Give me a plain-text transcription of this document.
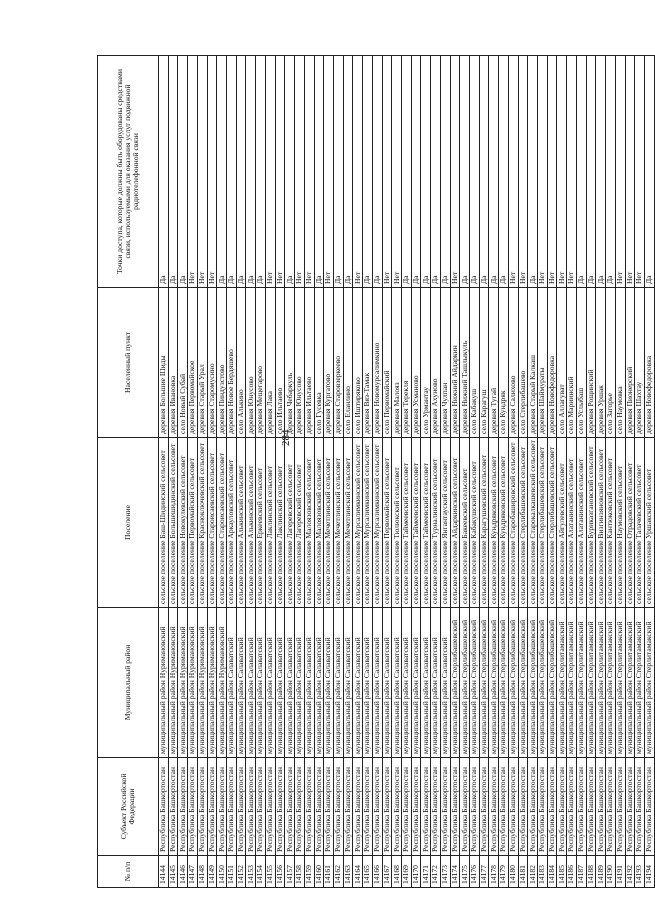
284
№ п/п	Субъект Российской Федерации	Муниципальный район	Поселение	Населенный пункт	Точки доступа, которые должны быть оборудованы средствами связи, используемыми для оказания услуг подвижной радиотелефонной связи
14144	Республика Башкортостан	муниципальный район Нуримановский	сельское поселение Баш-Шидинский сельсовет	деревня Большие Шиды	Да
14145	Республика Башкортостан	муниципальный район Нуримановский	сельское поселение Большешидинский сельсовет	деревня Ивановка	Да
14146	Республика Башкортостан	муниципальный район Нуримановский	сельское поселение Новокулевский сельсовет	село Новый Субай	Да
14147	Республика Башкортостан	муниципальный район Нуримановский	сельское поселение Первомайский сельсовет	деревня Первомайское	Нет
14148	Республика Башкортостан	муниципальный район Нуримановский	сельское поселение Красноключевский сельсовет	деревня Старый Урал	Нет
14149	Республика Башкортостан	муниципальный район Нуримановский	сельское поселение Староисаевский сельсовет	деревня Старомусино	Нет
14150	Республика Башкортостан	муниципальный район Нуримановский	сельское поселение Староисаевский сельсовет	деревня Пиндузстово	Да
14151	Республика Башкортостан	муниципальный район Салаватский	сельское поселение Аркауловский сельсовет	деревня Новое Бердяшево	Да
14152	Республика Башкортостан	муниципальный район Салаватский	сельское поселение Алькинский сельсовет	село Алькино	Да
14153	Республика Башкортостан	муниципальный район Салаватский	сельское поселение Алькинский сельсовет	деревня Юнусово	Да
14154	Республика Башкортостан	муниципальный район Салаватский	сельское поселение Еркеевский сельсовет	деревня Мещегарово	Да
14155	Республика Башкортостан	муниципальный район Салаватский	сельское поселение Лаклинский сельсовет	деревня Лака	Нет
14156	Республика Башкортостан	муниципальный район Салаватский	сельское поселение Лаклинский сельсовет	село Ильтаево	Нет
14157	Республика Башкортостан	муниципальный район Салаватский	сельское поселение Лагеревский сельсовет	деревня Чебаркуль	Да
14158	Республика Башкортостан	муниципальный район Салаватский	сельское поселение Лагеревский сельсовет	деревня Юнусово	Нет
14159	Республика Башкортостан	муниципальный район Салаватский	сельское поселение Малоязовский сельсовет	деревня Ильтаево	Нет
14160	Республика Башкортостан	муниципальный район Салаватский	сельское поселение Малоязовский сельсовет	село Гусевка	Да
14161	Республика Башкортостан	муниципальный район Салаватский	сельское поселение Мечетлинский сельсовет	деревня Кургатово	Нет
14162	Республика Башкортостан	муниципальный район Салаватский	сельское поселение Мечетлинский сельсовет	деревня Старовзеркеево	Да
14163	Республика Башкортостан	муниципальный район Салаватский	сельское поселение Мечетлинский сельсовет	село Еланлино	Да
14164	Республика Башкортостан	муниципальный район Салаватский	сельское поселение Мурсалимкинский сельсовет	село Иштиряково	Нет
14165	Республика Башкортостан	муниципальный район Салаватский	сельское поселение Мурсалимкинский сельсовет	деревня Вяз-Тамак	Да
14166	Республика Башкортостан	муниципальный район Салаватский	сельское поселение Мурсалимкинский сельсовет	деревня Новомурсалимкино	Да
14167	Республика Башкортостан	муниципальный район Салаватский	сельское поселение Первомайский сельсовет	село Первомайский	Нет
14168	Республика Башкортостан	муниципальный район Салаватский	сельское поселение Тюлюкский сельсовет	деревня Малояз	Нет
14169	Республика Башкортостан	муниципальный район Салаватский	сельское поселение Таймеевский сельсовет	деревня Терекля	Да
14170	Республика Башкортостан	муниципальный район Салаватский	сельское поселение Таймеевский сельсовет	деревня Усманово	Да
14171	Республика Башкортостан	муниципальный район Салаватский	сельское поселение Таймеевский сельсовет	село Урмантау	Да
14172	Республика Башкортостан	муниципальный район Салаватский	сельское поселение Турналинский сельсовет	деревня Ахуново	Да
14173	Республика Башкортостан	муниципальный район Салаватский	сельское поселение Янгантауский сельсовет	деревня Чулпан	Да
14174	Республика Башкортостан	муниципальный район Стерлибашевский	сельское поселение Айдаркинский сельсовет	деревня Нижний Айдаркин	Нет
14175	Республика Башкортостан	муниципальный район Стерлибашевский	сельское поселение Бакеевский сельсовет	деревня Нижний Ташлыкуль	Да
14176	Республика Башкортостан	муниципальный район Стерлибашевский	сельское поселение Кабакушский сельсовет	село Кабакуш	Да
14177	Республика Башкортостан	муниципальный район Стерлибашевский	сельское поселение Карагушевский сельсовет	село Карагуш	Да
14178	Республика Башкортостан	муниципальный район Стерлибашевский	сельское поселение Кундряковский сельсовет	деревня Тугай	Да
14179	Республика Башкортостан	муниципальный район Стерлибашевский	сельское поселение Кундряковский сельсовет	село Кундряк	Да
14180	Республика Башкортостан	муниципальный район Стерлибашевский	сельское поселение Старобашировский сельсовет	деревня Салихово	Нет
14181	Республика Башкортостан	муниципальный район Стерлибашевский	сельское поселение Стерлибашевский сельсовет	село Стерлибашево	Нет
14182	Республика Башкортостан	муниципальный район Стерлибашевский	сельское поселение Старокалкашевский сельсовет	деревня Старый Калкаш	Да
14183	Республика Башкортостан	муниципальный район Стерлибашевский	сельское поселение Стерлибашевский сельсовет	деревня Шаймураты	Нет
14184	Республика Башкортостан	муниципальный район Стерлибашевский	сельское поселение Стерлибашевский сельсовет	деревня Новофедоровка	Нет
14185	Республика Башкортостан	муниципальный район Стерлитамакский	сельское поселение Айгулевский сельсовет	село Аллагуват	Нет
14186	Республика Башкортостан	муниципальный район Стерлитамакский	сельское поселение Алатанинский сельсовет	село Мариинский	Нет
14187	Республика Башкортостан	муниципальный район Стерлитамакский	сельское поселение Алатанинский сельсовет	село Услыбаш	Да
14188	Республика Башкортостан	муниципальный район Стерлитамакский	сельское поселение Буриказгановский сельсовет	деревня Рощинский	Да
14189	Республика Башкортостан	муниципальный район Стерлитамакский	сельское поселение Визгинзяновский сельсовет	деревня Уршак	Да
14190	Республика Башкортостан	муниципальный район Стерлитамакский	сельское поселение Кантюковский сельсовет	село Загорье	Да
14191	Республика Башкортостан	муниципальный район Стерлитамакский	сельское поселение Наумовский сельсовет	село Наумовка	Нет
14192	Республика Башкортостан	муниципальный район Стерлитамакский	сельское поселение Отрадовский сельсовет	деревня Пионерский	Нет
14193	Республика Башкортостан	муниципальный район Стерлитамакский	сельское поселение Талачевский сельсовет	деревня Шахтау	Нет
14194	Республика Башкортостан	муниципальный район Стерлитамакский	сельское поселение Уршакский сельсовет	деревня Новофедоровка	Да
